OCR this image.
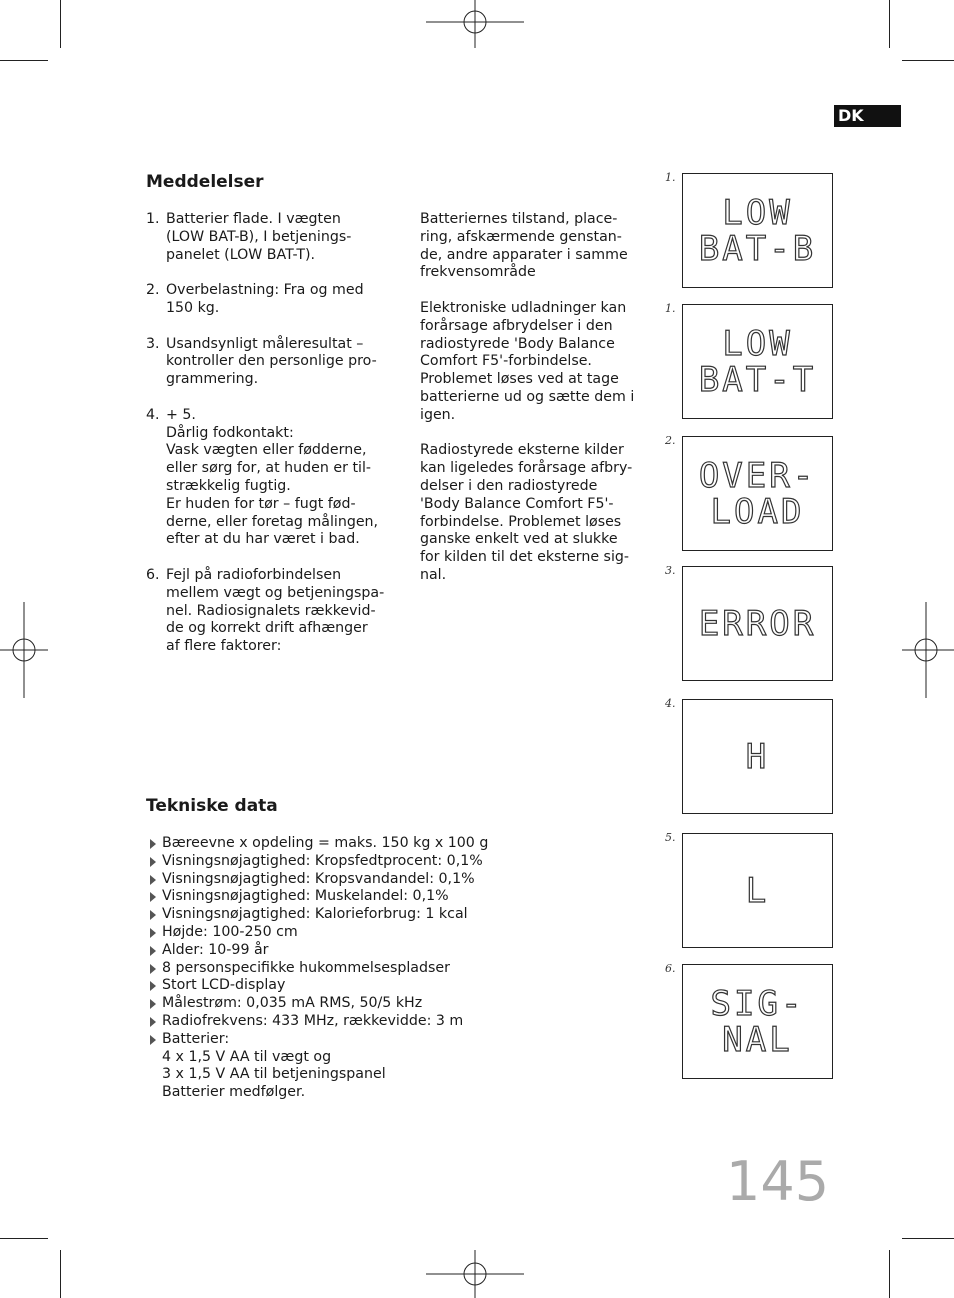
DK
Meddelelser
1. Batterier flade. I vægten
(LOW BAT-B), I betjenings-
panelet (LOW BAT-T).
2. Overbelastning: Fra og med
150 kg.
3. Usandsynligt måleresultat –
kontroller den personlige pro-
grammering.
4. + 5.
Dårlig fodkontakt:
Vask vægten eller fødderne,
eller sørg for, at huden er til-
strækkelig fugtig.
Er huden for tør – fugt fød-
derne, eller foretag målingen,
efter at du har været i bad.
6. Fejl på radioforbindelsen
mellem vægt og betjeningspa-
nel. Radiosignalets rækkevid-
de og korrekt drift afhænger
af flere faktorer:

Batteriernes tilstand, place-
ring, afskærmende genstan-
de, andre apparater i samme
frekvensområde

Elektroniske udladninger kan
forårsage afbrydelser i den
radiostyrede 'Body Balance
Comfort F5'-forbindelse.
Problemet løses ved at tage
batterierne ud og sætte dem i
igen.

Radiostyrede eksterne kilder
kan ligeledes forårsage afbry-
delser i den radiostyrede
'Body Balance Comfort F5'-
forbindelse. Problemet løses
ganske enkelt ved at slukke
for kilden til det eksterne sig-
nal.

Tekniske data
Bæreevne x opdeling = maks. 150 kg x 100 g
Visningsnøjagtighed: Kropsfedtprocent: 0,1%
Visningsnøjagtighed: Kropsvandandel: 0,1%
Visningsnøjagtighed: Muskelandel: 0,1%
Visningsnøjagtighed: Kalorieforbrug: 1 kcal
Højde: 100-250 cm
Alder: 10-99 år
8 personspecifikke hukommelsespladser
Stort LCD-display
Målestrøm: 0,035 mA RMS, 50/5 kHz
Radiofrekvens: 433 MHz, rækkevidde: 3 m
Batterier:
4 x 1,5 V AA til vægt og
3 x 1,5 V AA til betjeningspanel
Batterier medfølger.
1.
LOW
BAT-B
1.
LOW
BAT-T
2.
OVER-
LOAD
3.
ERROR
4.
H
5.
L
6.
SIG-
NAL
145
